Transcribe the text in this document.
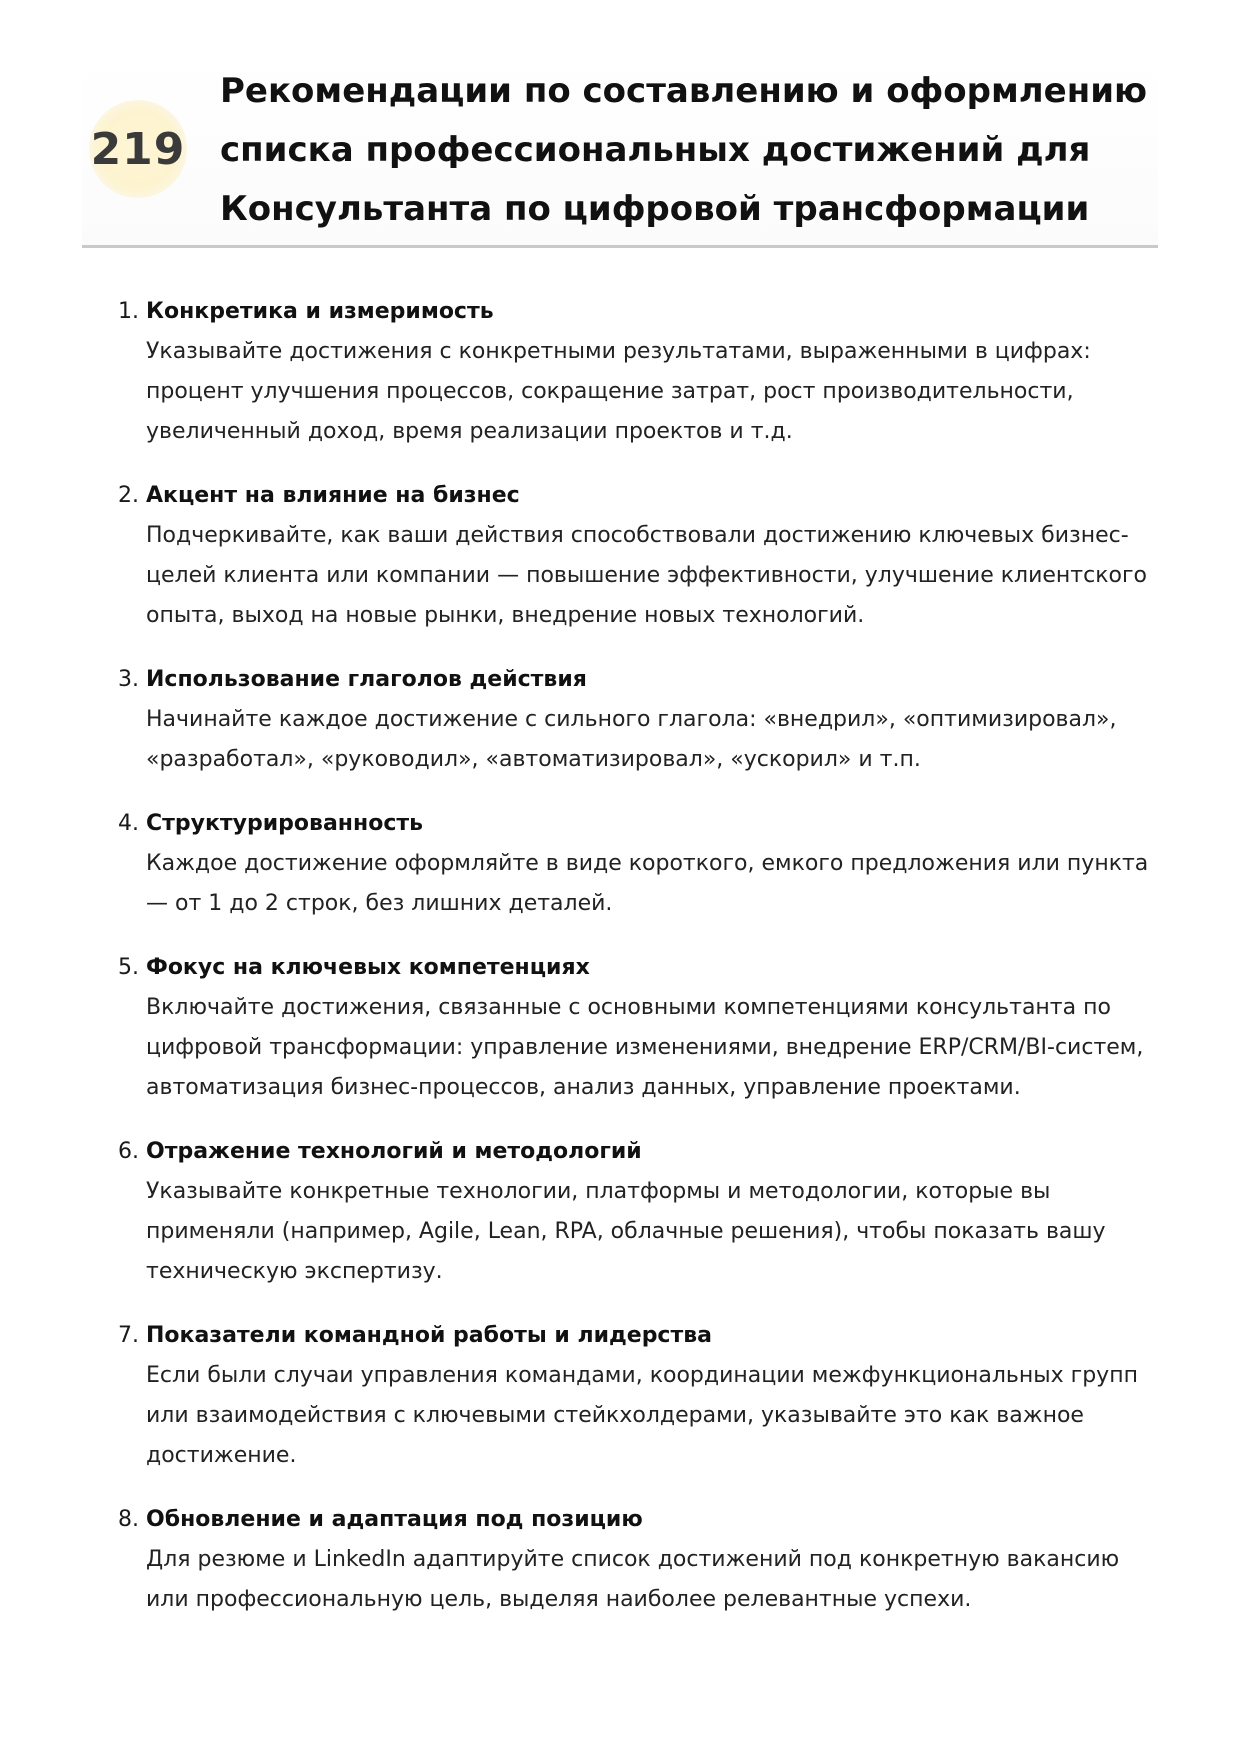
219
Рекомендации по составлению и оформлению
списка профессиональных достижений для
Консультанта по цифровой трансформации
1. Конкретика и измеримость
Указывайте достижения с конкретными результатами, выраженными в цифрах: процент улучшения процессов, сокращение затрат, рост производительности, увеличенный доход, время реализации проектов и т.д.
2. Акцент на влияние на бизнес
Подчеркивайте, как ваши действия способствовали достижению ключевых бизнес-целей клиента или компании — повышение эффективности, улучшение клиентского опыта, выход на новые рынки, внедрение новых технологий.
3. Использование глаголов действия
Начинайте каждое достижение с сильного глагола: «внедрил», «оптимизировал», «разработал», «руководил», «автоматизировал», «ускорил» и т.п.
4. Структурированность
Каждое достижение оформляйте в виде короткого, емкого предложения или пункта — от 1 до 2 строк, без лишних деталей.
5. Фокус на ключевых компетенциях
Включайте достижения, связанные с основными компетенциями консультанта по цифровой трансформации: управление изменениями, внедрение ERP/CRM/BI-систем, автоматизация бизнес-процессов, анализ данных, управление проектами.
6. Отражение технологий и методологий
Указывайте конкретные технологии, платформы и методологии, которые вы применяли (например, Agile, Lean, RPA, облачные решения), чтобы показать вашу техническую экспертизу.
7. Показатели командной работы и лидерства
Если были случаи управления командами, координации межфункциональных групп или взаимодействия с ключевыми стейкхолдерами, указывайте это как важное достижение.
8. Обновление и адаптация под позицию
Для резюме и LinkedIn адаптируйте список достижений под конкретную вакансию или профессиональную цель, выделяя наиболее релевантные успехи.
